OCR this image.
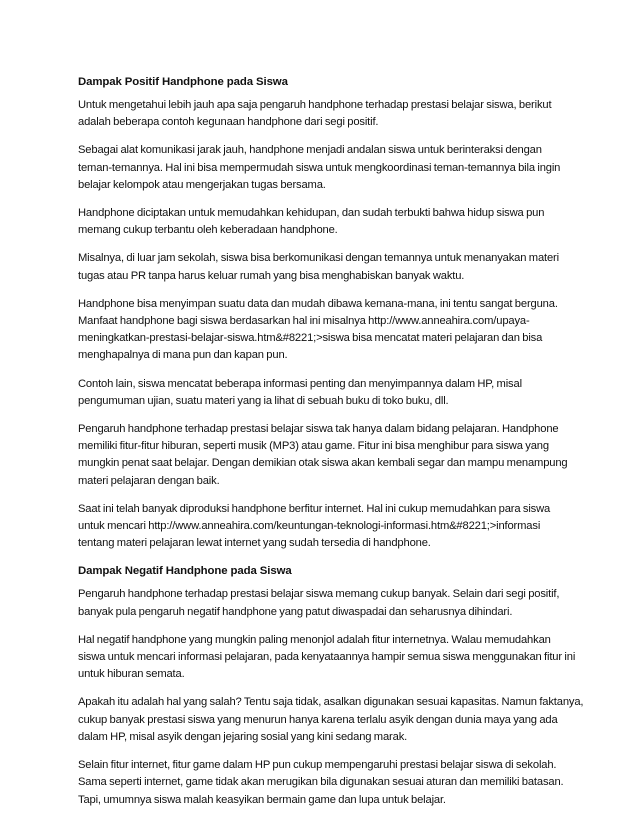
Dampak Positif Handphone pada Siswa
Untuk mengetahui lebih jauh apa saja pengaruh handphone terhadap prestasi belajar siswa, berikut
adalah beberapa contoh kegunaan handphone dari segi positif.
Sebagai alat komunikasi jarak jauh, handphone menjadi andalan siswa untuk berinteraksi dengan
teman-temannya. Hal ini bisa mempermudah siswa untuk mengkoordinasi teman-temannya bila ingin
belajar kelompok atau mengerjakan tugas bersama.
Handphone diciptakan untuk memudahkan kehidupan, dan sudah terbukti bahwa hidup siswa pun
memang cukup terbantu oleh keberadaan handphone.
Misalnya, di luar jam sekolah, siswa bisa berkomunikasi dengan temannya untuk menanyakan materi
tugas atau PR tanpa harus keluar rumah yang bisa menghabiskan banyak waktu.
Handphone bisa menyimpan suatu data dan mudah dibawa kemana-mana, ini tentu sangat berguna.
Manfaat handphone bagi siswa berdasarkan hal ini misalnya http://www.anneahira.com/upaya-
meningkatkan-prestasi-belajar-siswa.htm&#8221;>siswa bisa mencatat materi pelajaran dan bisa
menghapalnya di mana pun dan kapan pun.
Contoh lain, siswa mencatat beberapa informasi penting dan menyimpannya dalam HP, misal
pengumuman ujian, suatu materi yang ia lihat di sebuah buku di toko buku, dll.
Pengaruh handphone terhadap prestasi belajar siswa tak hanya dalam bidang pelajaran. Handphone
memiliki fitur-fitur hiburan, seperti musik (MP3) atau game. Fitur ini bisa menghibur para siswa yang
mungkin penat saat belajar. Dengan demikian otak siswa akan kembali segar dan mampu menampung
materi pelajaran dengan baik.
Saat ini telah banyak diproduksi handphone berfitur internet. Hal ini cukup memudahkan para siswa
untuk mencari http://www.anneahira.com/keuntungan-teknologi-informasi.htm&#8221;>informasi
tentang materi pelajaran lewat internet yang sudah tersedia di handphone.
Dampak Negatif Handphone pada Siswa
Pengaruh handphone terhadap prestasi belajar siswa memang cukup banyak. Selain dari segi positif,
banyak pula pengaruh negatif handphone yang patut diwaspadai dan seharusnya dihindari.
Hal negatif handphone yang mungkin paling menonjol adalah fitur internetnya. Walau memudahkan
siswa untuk mencari informasi pelajaran, pada kenyataannya hampir semua siswa menggunakan fitur ini
untuk hiburan semata.
Apakah itu adalah hal yang salah? Tentu saja tidak, asalkan digunakan sesuai kapasitas. Namun faktanya,
cukup banyak prestasi siswa yang menurun hanya karena terlalu asyik dengan dunia maya yang ada
dalam HP, misal asyik dengan jejaring sosial yang kini sedang marak.
Selain fitur internet, fitur game dalam HP pun cukup mempengaruhi prestasi belajar siswa di sekolah.
Sama seperti internet, game tidak akan merugikan bila digunakan sesuai aturan dan memiliki batasan.
Tapi, umumnya siswa malah keasyikan bermain game dan lupa untuk belajar.
